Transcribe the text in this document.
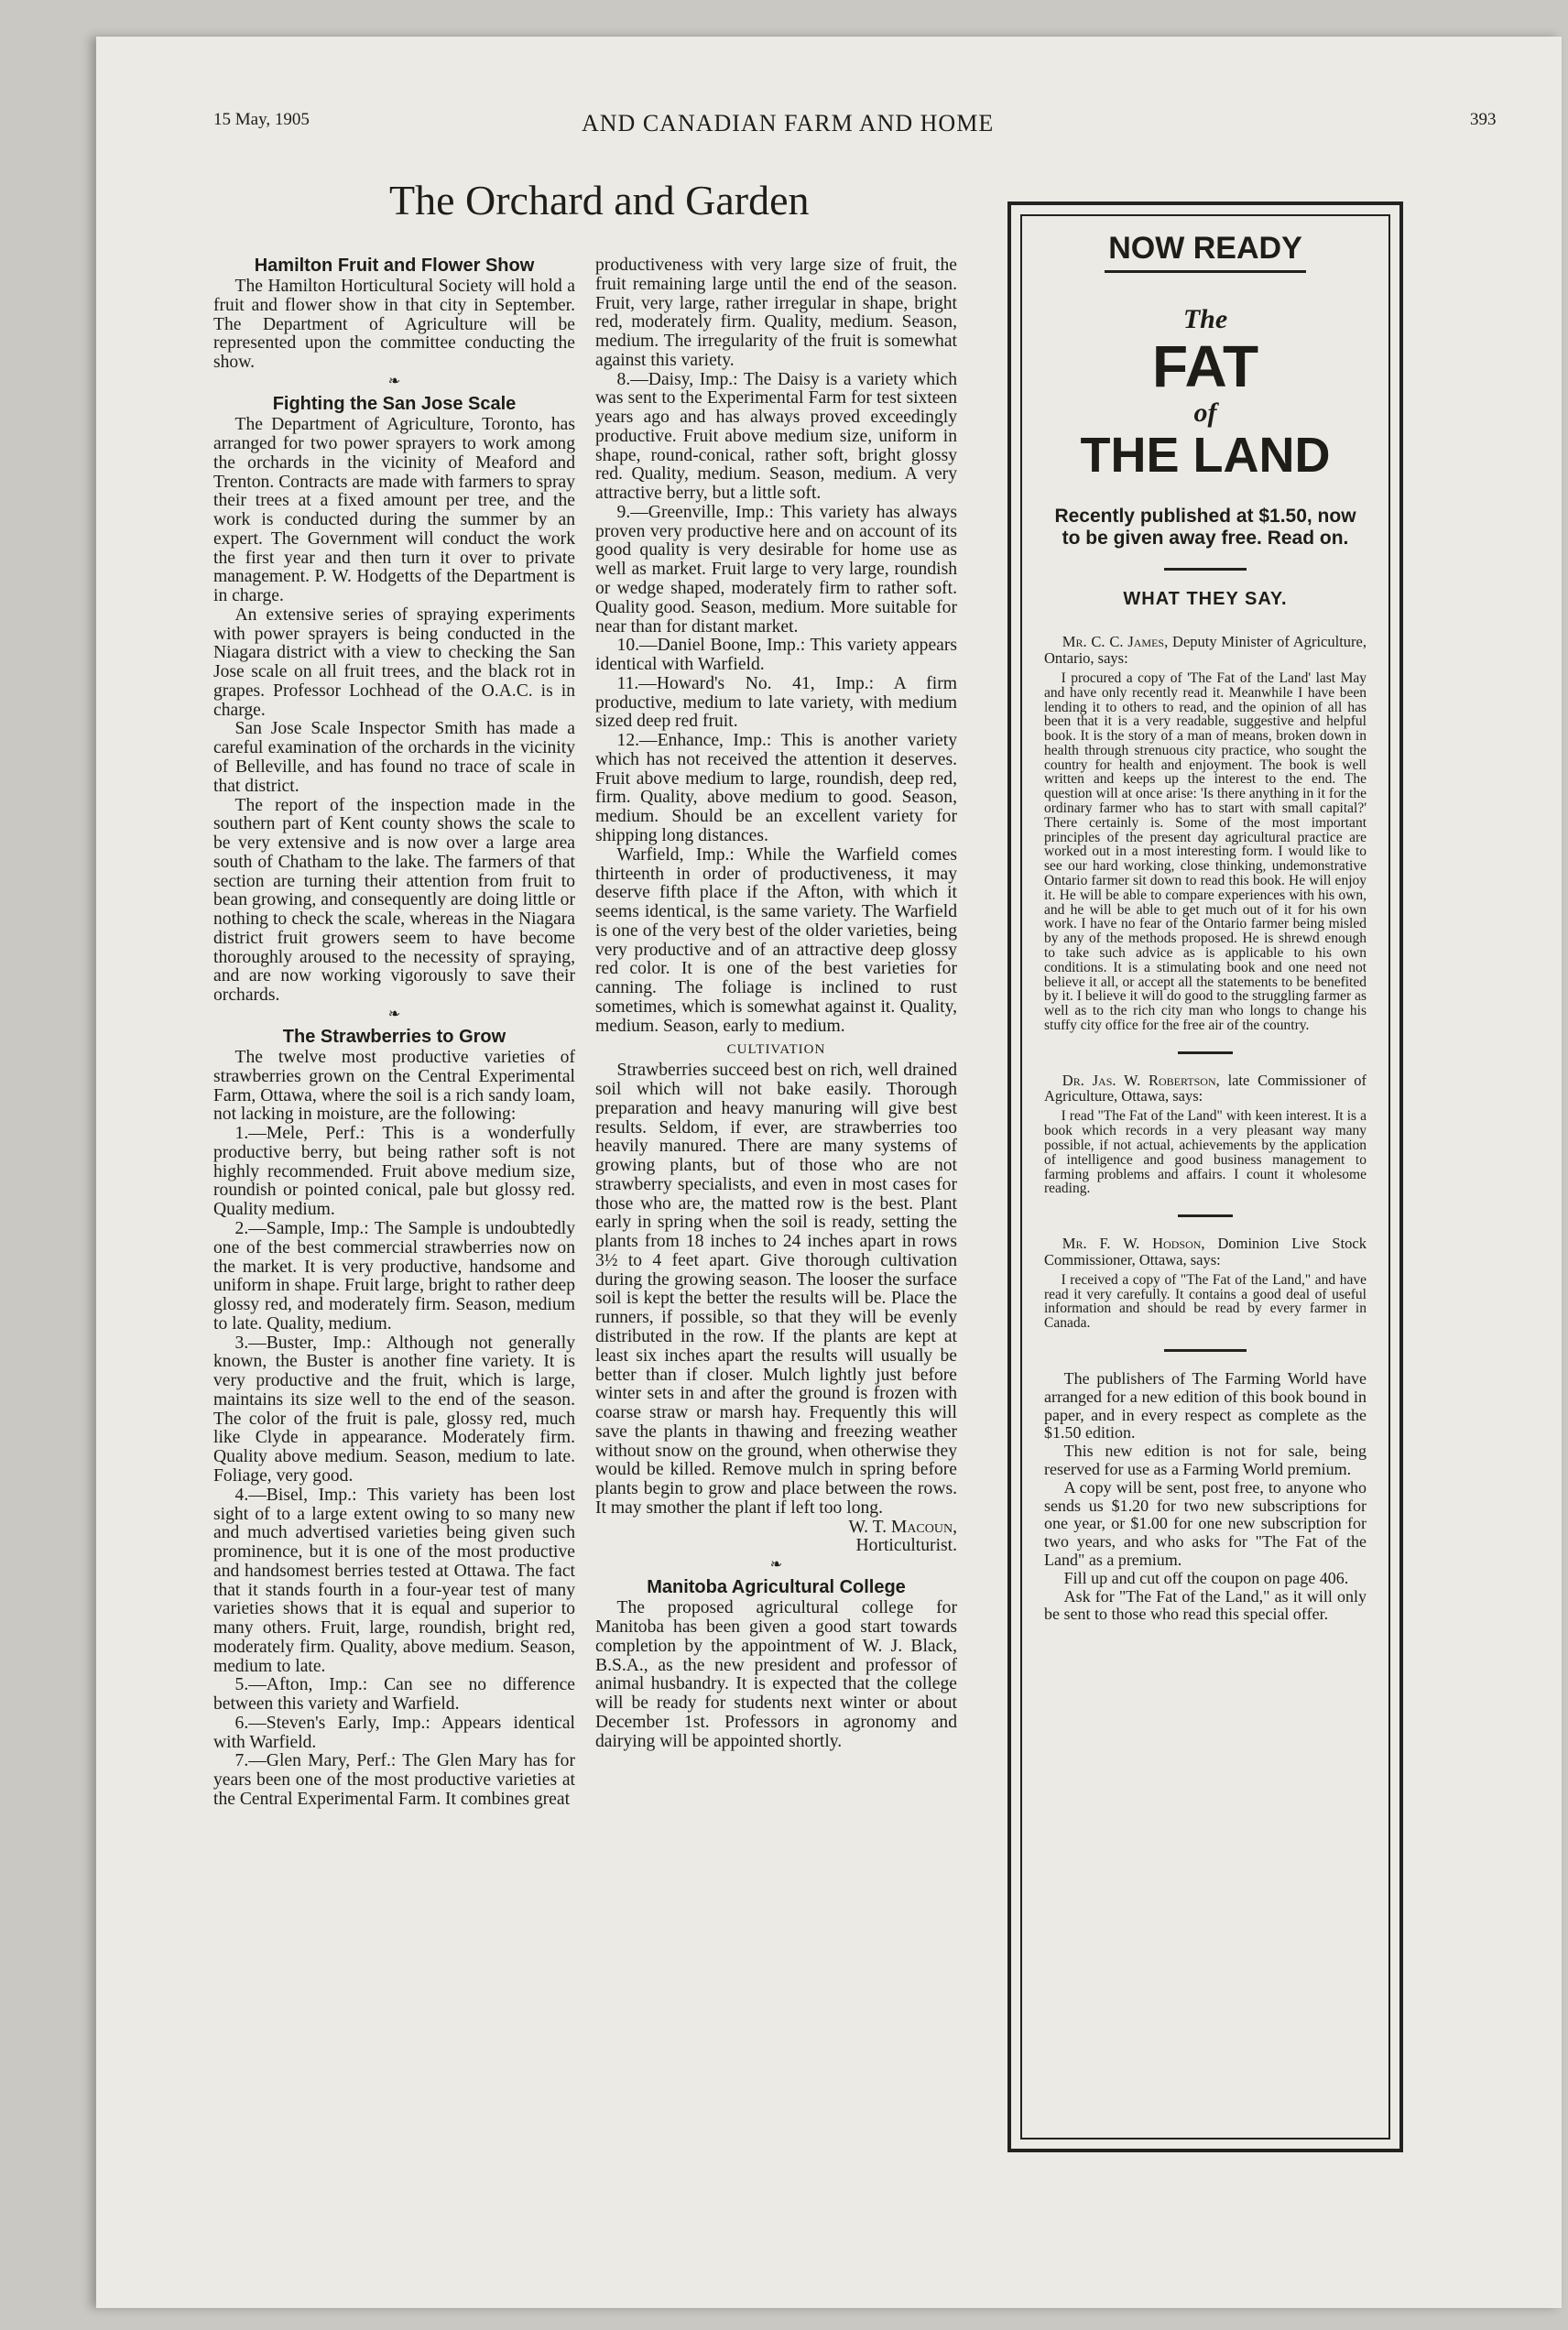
15 May, 1905	AND CANADIAN FARM AND HOME	393
The Orchard and Garden
Hamilton Fruit and Flower Show

The Hamilton Horticultural Society will hold a fruit and flower show in that city in September. The Department of Agriculture will be represented upon the committee conducting the show.

❧
Fighting the San Jose Scale

The Department of Agriculture, Toronto, has arranged for two power sprayers to work among the orchards in the vicinity of Meaford and Trenton. Contracts are made with farmers to spray their trees at a fixed amount per tree, and the work is conducted during the summer by an expert. The Government will conduct the work the first year and then turn it over to private management. P. W. Hodgetts of the Department is in charge.

An extensive series of spraying experiments with power sprayers is being conducted in the Niagara district with a view to checking the San Jose scale on all fruit trees, and the black rot in grapes. Professor Lochhead of the O.A.C. is in charge.

San Jose Scale Inspector Smith has made a careful examination of the orchards in the vicinity of Belleville, and has found no trace of scale in that district.

The report of the inspection made in the southern part of Kent county shows the scale to be very extensive and is now over a large area south of Chatham to the lake. The farmers of that section are turning their attention from fruit to bean growing, and consequently are doing little or nothing to check the scale, whereas in the Niagara district fruit growers seem to have become thoroughly aroused to the necessity of spraying, and are now working vigorously to save their orchards.

❧
The Strawberries to Grow

The twelve most productive varieties of strawberries grown on the Central Experimental Farm, Ottawa, where the soil is a rich sandy loam, not lacking in moisture, are the following:

1.—Mele, Perf.: This is a wonderfully productive berry, but being rather soft is not highly recommended. Fruit above medium size, roundish or pointed conical, pale but glossy red. Quality medium.

2.—Sample, Imp.: The Sample is undoubtedly one of the best commercial strawberries now on the market. It is very productive, handsome and uniform in shape. Fruit large, bright to rather deep glossy red, and moderately firm. Season, medium to late. Quality, medium.

3.—Buster, Imp.: Although not generally known, the Buster is another fine variety. It is very productive and the fruit, which is large, maintains its size well to the end of the season. The color of the fruit is pale, glossy red, much like Clyde in appearance. Moderately firm. Quality above medium. Season, medium to late. Foliage, very good.

4.—Bisel, Imp.: This variety has been lost sight of to a large extent owing to so many new and much advertised varieties being given such prominence, but it is one of the most productive and handsomest berries tested at Ottawa. The fact that it stands fourth in a four-year test of many varieties shows that it is equal and superior to many others. Fruit, large, roundish, bright red, moderately firm. Quality, above medium. Season, medium to late.

5.—Afton, Imp.: Can see no difference between this variety and Warfield.

6.—Steven's Early, Imp.: Appears identical with Warfield.

7.—Glen Mary, Perf.: The Glen Mary has for years been one of the most productive varieties at the Central Experimental Farm. It combines great

productiveness with very large size of fruit, the fruit remaining large until the end of the season. Fruit, very large, rather irregular in shape, bright red, moderately firm. Quality, medium. Season, medium. The irregularity of the fruit is somewhat against this variety.

8.—Daisy, Imp.: The Daisy is a variety which was sent to the Experimental Farm for test sixteen years ago and has always proved exceedingly productive. Fruit above medium size, uniform in shape, round-conical, rather soft, bright glossy red. Quality, medium. Season, medium. A very attractive berry, but a little soft.

9.—Greenville, Imp.: This variety has always proven very productive here and on account of its good quality is very desirable for home use as well as market. Fruit large to very large, roundish or wedge shaped, moderately firm to rather soft. Quality good. Season, medium. More suitable for near than for distant market.

10.—Daniel Boone, Imp.: This variety appears identical with Warfield.

11.—Howard's No. 41, Imp.: A firm productive, medium to late variety, with medium sized deep red fruit.

12.—Enhance, Imp.: This is another variety which has not received the attention it deserves. Fruit above medium to large, roundish, deep red, firm. Quality, above medium to good. Season, medium. Should be an excellent variety for shipping long distances.

Warfield, Imp.: While the Warfield comes thirteenth in order of productiveness, it may deserve fifth place if the Afton, with which it seems identical, is the same variety. The Warfield is one of the very best of the older varieties, being very productive and of an attractive deep glossy red color. It is one of the best varieties for canning. The foliage is inclined to rust sometimes, which is somewhat against it. Quality, medium. Season, early to medium.

CULTIVATION

Strawberries succeed best on rich, well drained soil which will not bake easily. Thorough preparation and heavy manuring will give best results. Seldom, if ever, are strawberries too heavily manured. There are many systems of growing plants, but of those who are not strawberry specialists, and even in most cases for those who are, the matted row is the best. Plant early in spring when the soil is ready, setting the plants from 18 inches to 24 inches apart in rows 3½ to 4 feet apart. Give thorough cultivation during the growing season. The looser the surface soil is kept the better the results will be. Place the runners, if possible, so that they will be evenly distributed in the row. If the plants are kept at least six inches apart the results will usually be better than if closer. Mulch lightly just before winter sets in and after the ground is frozen with coarse straw or marsh hay. Frequently this will save the plants in thawing and freezing weather without snow on the ground, when otherwise they would be killed. Remove mulch in spring before plants begin to grow and place between the rows. It may smother the plant if left too long.

W. T. Macoun,

Horticulturist.

❧
Manitoba Agricultural College

The proposed agricultural college for Manitoba has been given a good start towards completion by the appointment of W. J. Black, B.S.A., as the new president and professor of animal husbandry. It is expected that the college will be ready for students next winter or about December 1st. Professors in agronomy and dairying will be appointed shortly.

NOW READY
The
FAT
of
THE LAND
Recently published at $1.50, now to be given away free. Read on.
WHAT THEY SAY.

Mr. C. C. James, Deputy Minister of Agriculture, Ontario, says:

I procured a copy of 'The Fat of the Land' last May and have only recently read it. Meanwhile I have been lending it to others to read, and the opinion of all has been that it is a very readable, suggestive and helpful book. It is the story of a man of means, broken down in health through strenuous city practice, who sought the country for health and enjoyment. The book is well written and keeps up the interest to the end. The question will at once arise: 'Is there anything in it for the ordinary farmer who has to start with small capital?' There certainly is. Some of the most important principles of the present day agricultural practice are worked out in a most interesting form. I would like to see our hard working, close thinking, undemonstrative Ontario farmer sit down to read this book. He will enjoy it. He will be able to compare experiences with his own, and he will be able to get much out of it for his own work. I have no fear of the Ontario farmer being misled by any of the methods proposed. He is shrewd enough to take such advice as is applicable to his own conditions. It is a stimulating book and one need not believe it all, or accept all the statements to be benefited by it. I believe it will do good to the struggling farmer as well as to the rich city man who longs to change his stuffy city office for the free air of the country.

Dr. Jas. W. Robertson, late Commissioner of Agriculture, Ottawa, says:

I read "The Fat of the Land" with keen interest. It is a book which records in a very pleasant way many possible, if not actual, achievements by the application of intelligence and good business management to farming problems and affairs. I count it wholesome reading.

Mr. F. W. Hodson, Dominion Live Stock Commissioner, Ottawa, says:

I received a copy of "The Fat of the Land," and have read it very carefully. It contains a good deal of useful information and should be read by every farmer in Canada.

The publishers of The Farming World have arranged for a new edition of this book bound in paper, and in every respect as complete as the $1.50 edition.

This new edition is not for sale, being reserved for use as a Farming World premium.

A copy will be sent, post free, to anyone who sends us $1.20 for two new subscriptions for one year, or $1.00 for one new subscription for two years, and who asks for "The Fat of the Land" as a premium.

Fill up and cut off the coupon on page 406.

Ask for "The Fat of the Land," as it will only be sent to those who read this special offer.
